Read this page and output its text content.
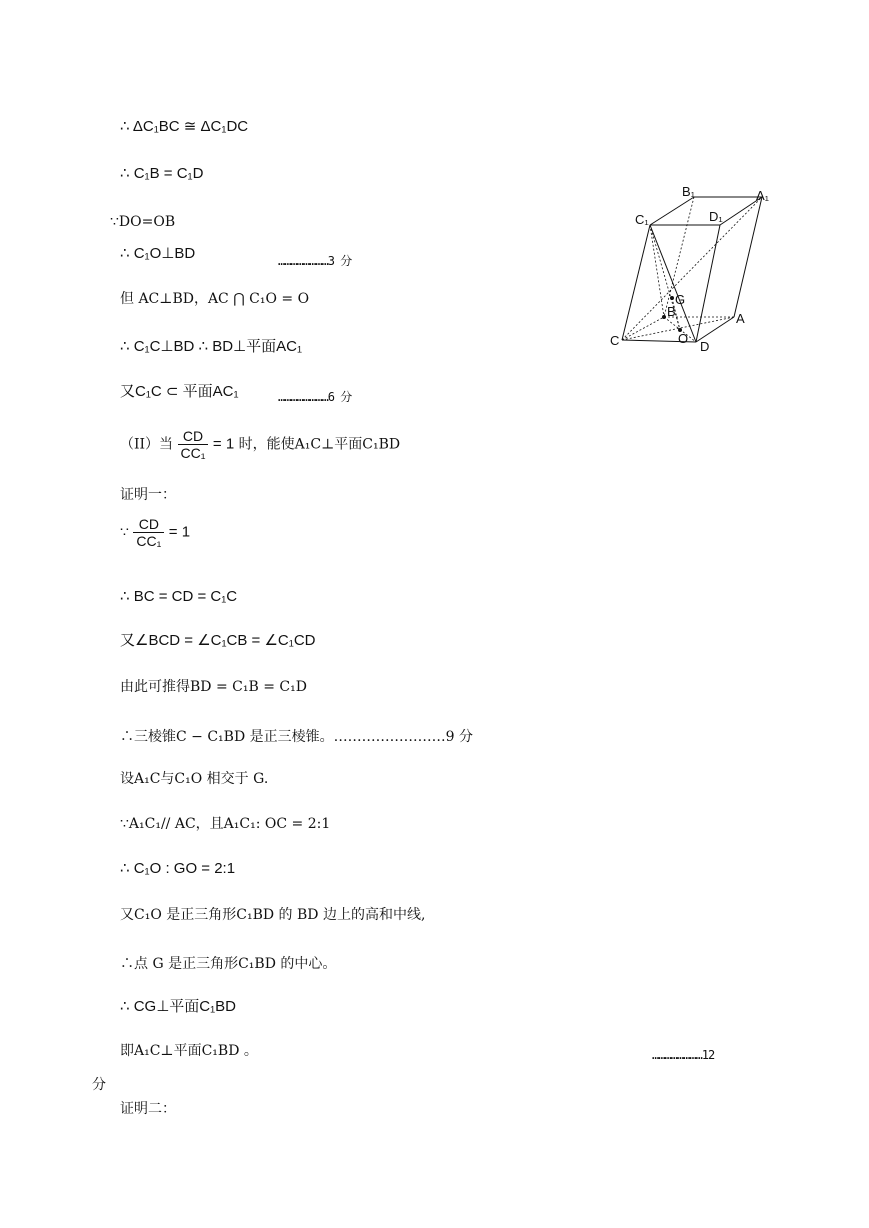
∴ ΔC₁BC ≅ ΔC₁DC
∴ C₁B = C₁D
∵DO=OB
∴ C₁O⊥BD	……………………3 分
但 AC⊥BD，AC ⋂ C₁O = O
∴ C₁C⊥BD ∴ BD⊥平面AC₁
又C₁C ⊂ 平面AC₁	……………………6 分
（II）当 $\frac{CD}{\text{CC₁}} = 1$ 时，能使A₁C⊥平面C₁BD
证明一：
∵ $\frac{CD}{\text{CC₁}} = 1$
∴ BC = CD = C₁C
又∠BCD = ∠C₁CB = ∠C₁CD
由此可推得BD = C₁B = C₁D
∴三棱锥C − C₁BD 是正三棱锥。……………………9 分
设A₁C与C₁O 相交于 G.
∵A₁C₁// AC，且A₁C₁: OC = 2:1
∴ C₁O : GO = 2:1
又C₁O 是正三角形C₁BD 的 BD 边上的高和中线,
∴点 G 是正三角形C₁BD 的中心。
∴ CG⊥平面C₁BD
即A₁C⊥平面C₁BD 。	……………………12
分
证明二：
B₁	A₁
C₁	D₁
G
B	A
C	O
D
